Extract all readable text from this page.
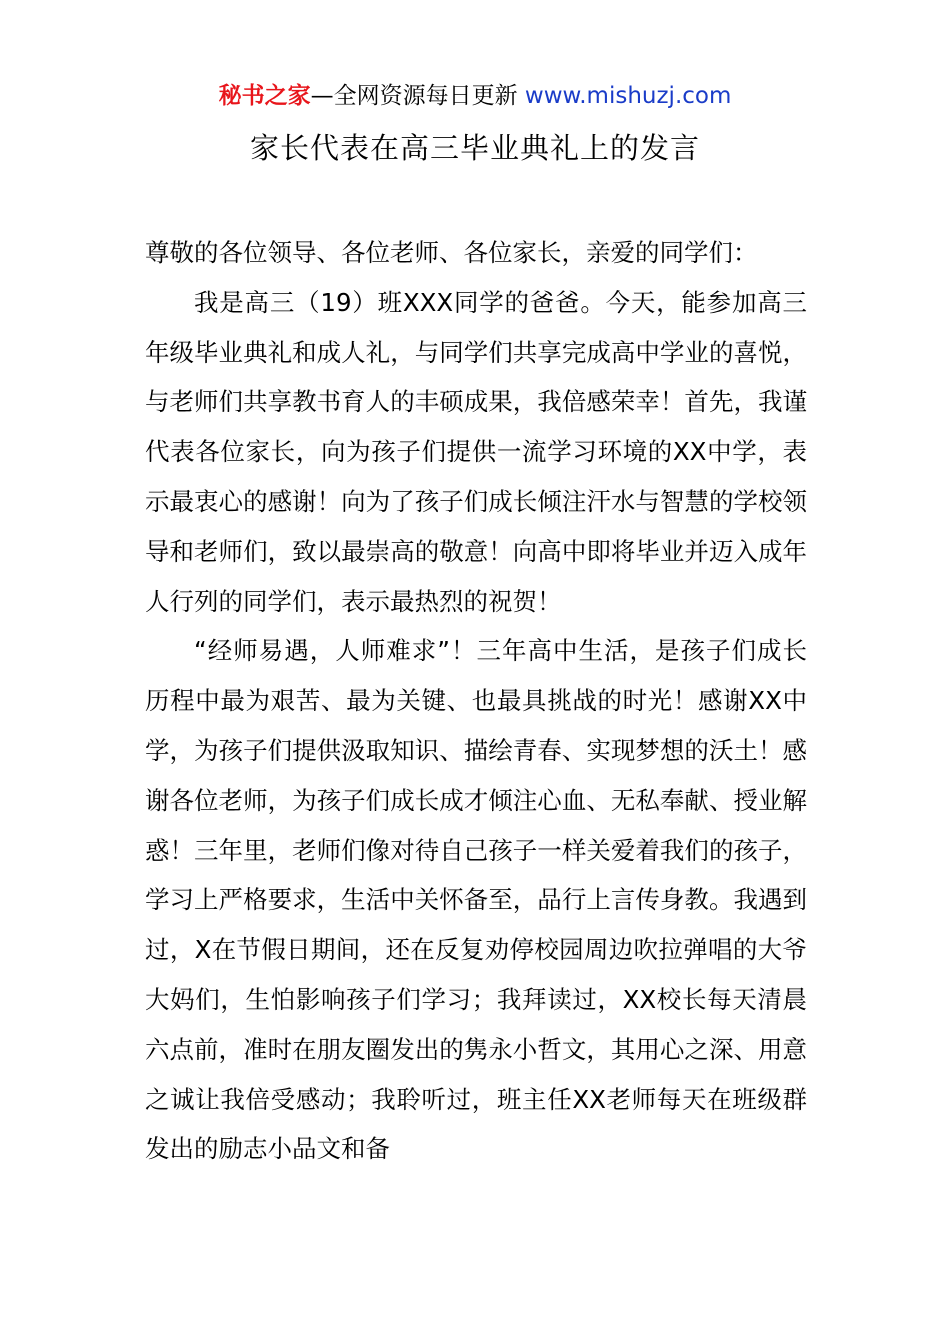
秘书之家—全网资源每日更新 www.mishuzj.com
家长代表在高三毕业典礼上的发言

尊敬的各位领导、各位老师、各位家长，亲爱的同学们：

我是高三（19）班XXX同学的爸爸。今天，能参加高三年级毕业典礼和成人礼，与同学们共享完成高中学业的喜悦，与老师们共享教书育人的丰硕成果，我倍感荣幸！首先，我谨代表各位家长，向为孩子们提供一流学习环境的XX中学，表示最衷心的感谢！向为了孩子们成长倾注汗水与智慧的学校领导和老师们，致以最崇高的敬意！向高中即将毕业并迈入成年人行列的同学们，表示最热烈的祝贺！

“经师易遇，人师难求”！三年高中生活，是孩子们成长历程中最为艰苦、最为关键、也最具挑战的时光！感谢XX中学，为孩子们提供汲取知识、描绘青春、实现梦想的沃土！感谢各位老师，为孩子们成长成才倾注心血、无私奉献、授业解惑！三年里，老师们像对待自己孩子一样关爱着我们的孩子，学习上严格要求，生活中关怀备至，品行上言传身教。我遇到过，X在节假日期间，还在反复劝停校园周边吹拉弹唱的大爷大妈们，生怕影响孩子们学习；我拜读过，XX校长每天清晨六点前，准时在朋友圈发出的隽永小哲文，其用心之深、用意之诚让我倍受感动；我聆听过，班主任XX老师每天在班级群发出的励志小品文和备
